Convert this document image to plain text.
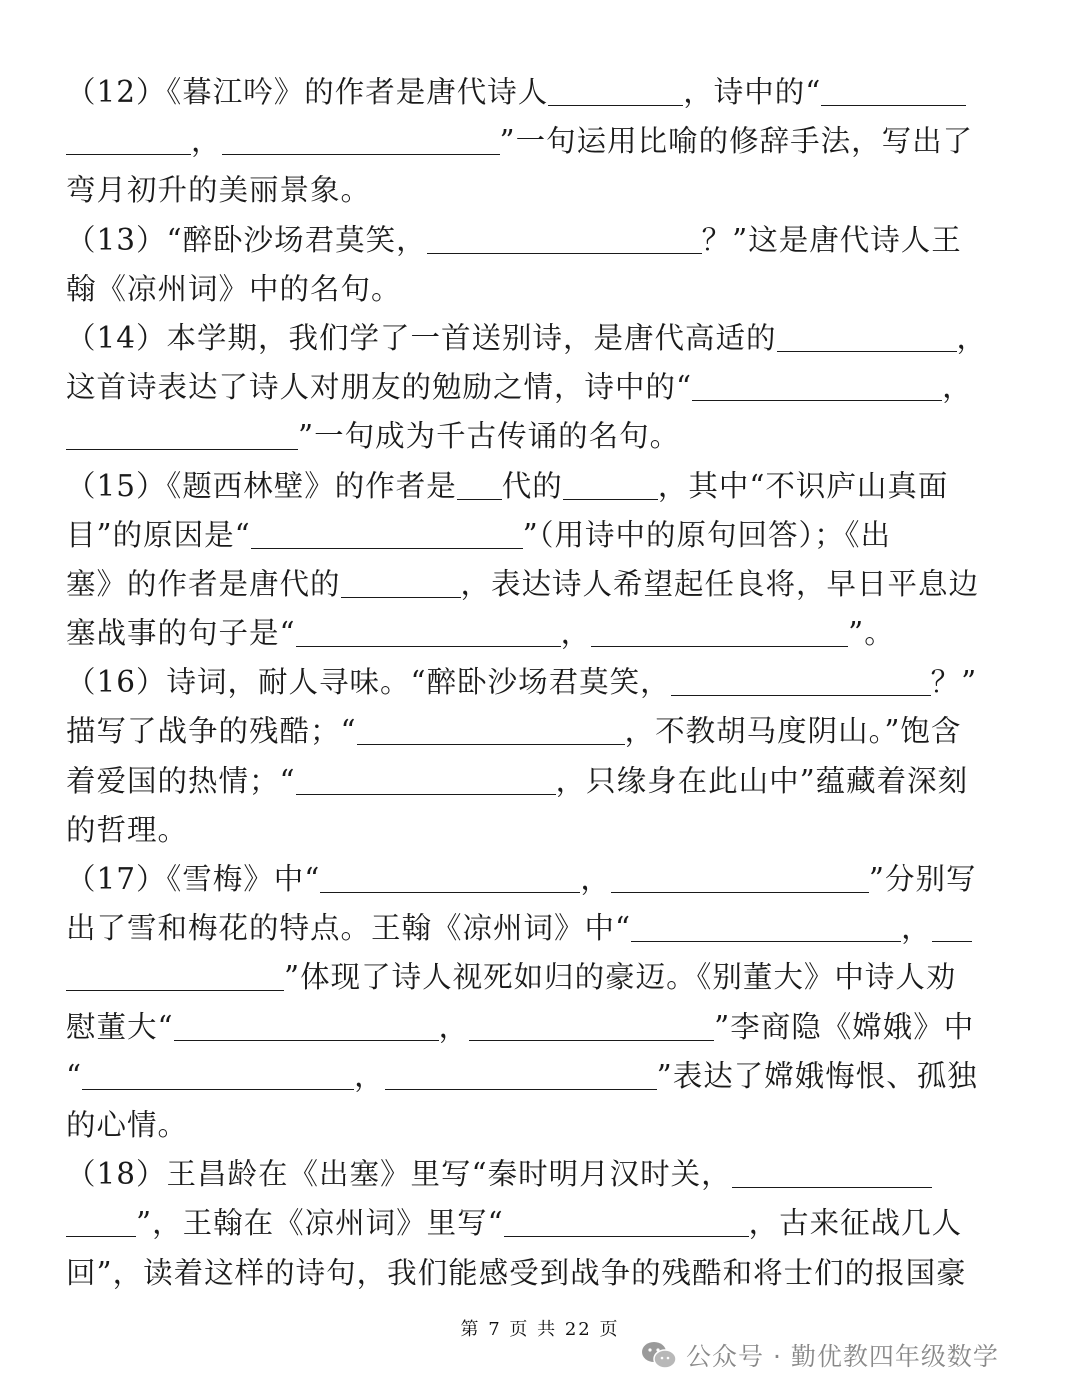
（12）《暮江吟》的作者是唐代诗人	，诗中的“
，	”一句运用比喻的修辞手法，写出了
弯月初升的美丽景象。
（13）“醉卧沙场君莫笑，	？”这是唐代诗人王
翰《凉州词》中的名句。
（14）本学期，我们学了一首送别诗，是唐代高适的	，
这首诗表达了诗人对朋友的勉励之情，诗中的“	，
”一句成为千古传诵的名句。
（15）《题西林壁》的作者是 代的	，其中“不识庐山真面
目”的原因是“	”（用诗中的原句回答）；《出
塞》的作者是唐代的	，表达诗人希望起任良将，早日平息边
塞战事的句子是“	，	”。
（16）诗词，耐人寻味。“醉卧沙场君莫笑，	？”
描写了战争的残酷；“	，不教胡马度阴山。”饱含
着爱国的热情；“	，只缘身在此山中”蕴藏着深刻
的哲理。
（17）《雪梅》中“	，	”分别写
出了雪和梅花的特点。王翰《凉州词》中“	，
”体现了诗人视死如归的豪迈。《别董大》中诗人劝
慰董大“	，	”李商隐《嫦娥》中
“	，	”表达了嫦娥悔恨、孤独
的心情。
（18）王昌龄在《出塞》里写“秦时明月汉时关，
”，王翰在《凉州词》里写“	，古来征战几人
回”，读着这样的诗句，我们能感受到战争的残酷和将士们的报国豪
第 7 页 共 22 页
公众号 · 勤优教四年级数学
